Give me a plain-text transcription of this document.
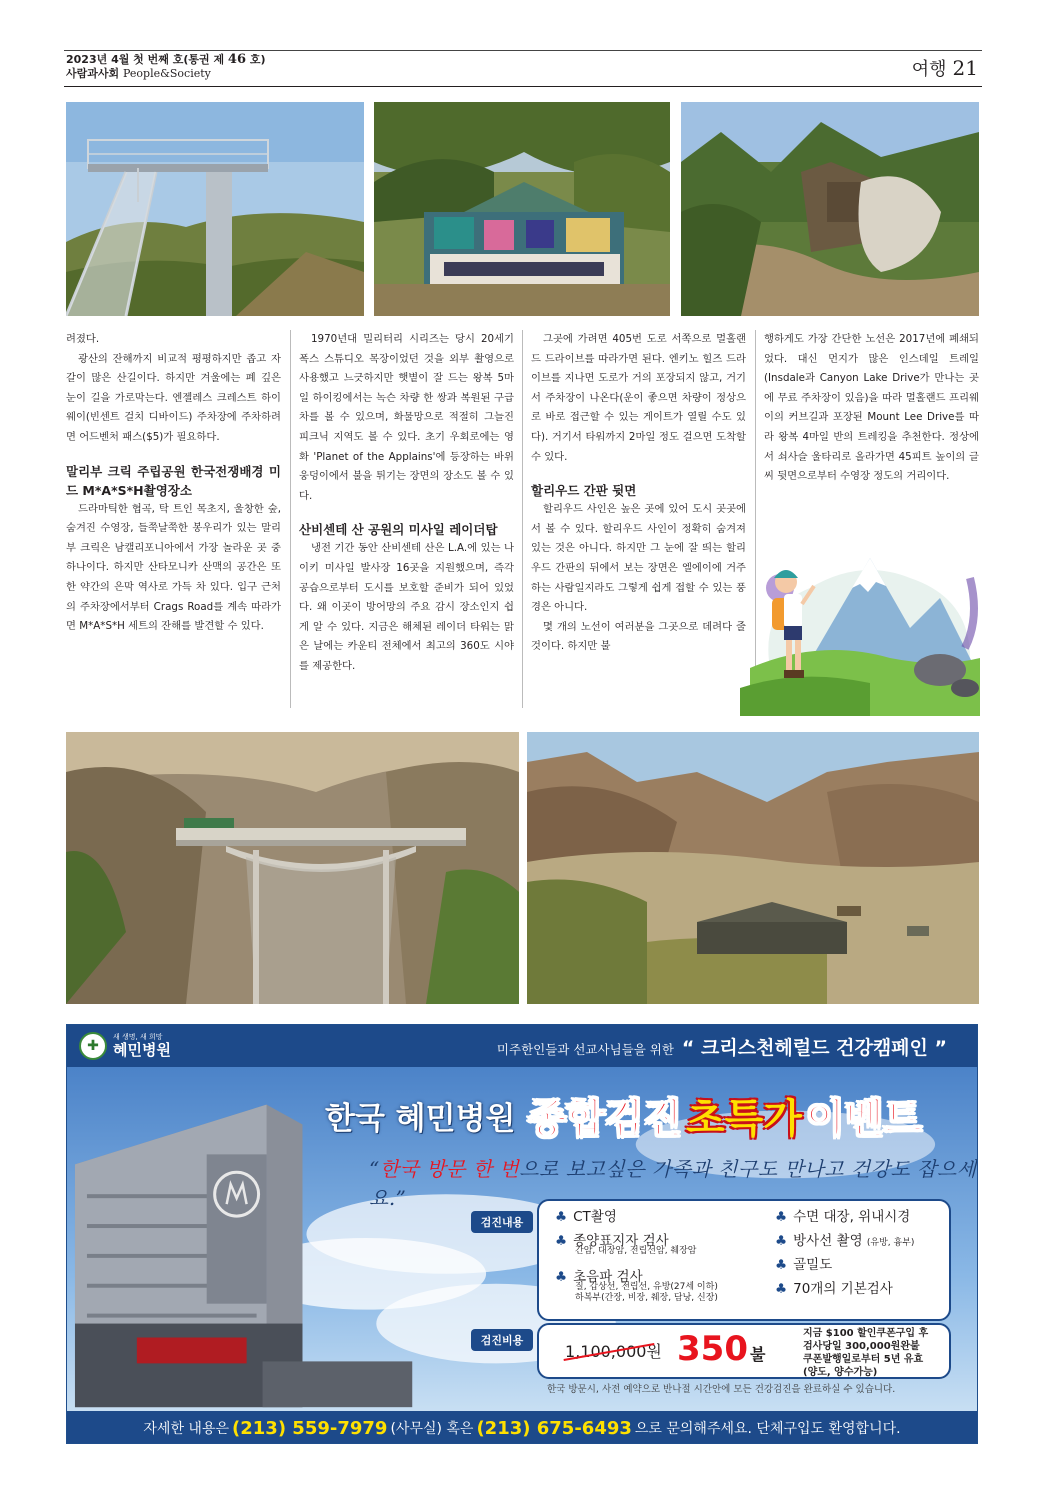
2023년 4월 첫 번째 호(통권 제 46 호)
사람과사회 People&Society	여행 21

려졌다.

광산의 잔해까지 비교적 평평하지만 좁고 자갈이 많은 산길이다. 하지만 겨울에는 폐 깊은 눈이 길을 가로막는다. 엔젤레스 크레스트 하이웨이(빈센트 걸치 디바이드) 주차장에 주차하려면 어드벤처 패스($5)가 필요하다.

말리부 크릭 주립공원 한국전쟁배경 미드 M*A*S*H촬영장소

드라마틱한 협곡, 탁 트인 목초지, 울창한 숲, 숨겨진 수영장, 들쭉날쭉한 봉우리가 있는 말리부 크릭은 남캘리포니아에서 가장 놀라운 곳 중 하나이다. 하지만 산타모니카 산맥의 공간은 또한 약간의 은막 역사로 가득 차 있다. 입구 근처의 주차장에서부터 Crags Road를 계속 따라가면 M*A*S*H 세트의 잔해를 발견할 수 있다.

1970년대 밀리터리 시리즈는 당시 20세기 폭스 스튜디오 목장이었던 것을 외부 촬영으로 사용했고 느긋하지만 햇볕이 잘 드는 왕복 5마일 하이킹에서는 녹슨 차량 한 쌍과 복원된 구급차를 볼 수 있으며, 화물망으로 적절히 그늘진 피크닉 지역도 볼 수 있다. 초기 우회로에는 영화 'Planet of the Applains'에 등장하는 바위 웅덩이에서 불을 튀기는 장면의 장소도 볼 수 있다.

산비센테 산 공원의 미사일 레이더탑

냉전 기간 동안 산비센테 산은 L.A.에 있는 나이키 미사일 발사장 16곳을 지원했으며, 즉각 공습으로부터 도시를 보호할 준비가 되어 있었다. 왜 이곳이 방어망의 주요 감시 장소인지 쉽게 알 수 있다. 지금은 해체된 레이더 타워는 맑은 날에는 카운티 전체에서 최고의 360도 시야를 제공한다.

그곳에 가려면 405번 도로 서쪽으로 멀홀랜드 드라이브를 따라가면 된다. 엔키노 힐즈 드라이브를 지나면 도로가 거의 포장되지 않고, 거기서 주차장이 나온다(운이 좋으면 차량이 정상으로 바로 접근할 수 있는 게이트가 열릴 수도 있다). 거기서 타워까지 2마일 정도 걸으면 도착할 수 있다.

할리우드 간판 뒷면

할리우드 사인은 높은 곳에 있어 도시 곳곳에서 볼 수 있다. 할리우드 사인이 정확히 숨겨져 있는 것은 아니다. 하지만 그 눈에 잘 띄는 할리우드 간판의 뒤에서 보는 장면은 엘에이에 거주하는 사람일지라도 그렇게 쉽게 접할 수 있는 풍경은 아니다.

몇 개의 노선이 여러분을 그곳으로 데려다 줄 것이다. 하지만 불

행하게도 가장 간단한 노선은 2017년에 폐쇄되었다. 대신 먼지가 많은 인스데일 트레일(Insdale과 Canyon Lake Drive가 만나는 곳에 무료 주차장이 있음)을 따라 멀홀랜드 프리웨이의 커브길과 포장된 Mount Lee Drive를 따라 왕복 4마일 반의 트레킹을 추천한다. 정상에서 쇠사슬 울타리로 올라가면 45피트 높이의 글씨 뒷면으로부터 수영장 정도의 거리이다.

✚
새 생명, 새 희망
혜민병원	미주한인들과 선교사님들을 위한 “ 크리스천헤럴드 건강캠페인 ”
한국 혜민병원 종합검진 초특가 이벤트
“한국 방문 한 번으로 보고싶은 가족과 친구도 만나고 건강도 잡으세요.”
검진내용	♣ CT촬영
♣ 종양표지자 검사
간암, 대장암, 전립선암, 췌장암
♣ 초음파 검사
질, 갑상선, 전립선, 유방(27세 이하)
하복부(간장, 비장, 췌장, 담낭, 신장)
♣ 수면 대장, 위내시경
♣ 방사선 촬영 (유방, 흉부)
♣ 골밀도
♣ 70개의 기본검사
검진비용
1,100,000원 350 불
지금 $100 할인쿠폰구입 후
검사당일 300,000원완불
쿠폰발행일로부터 5년 유효
(양도, 양수가능)
한국 방문시, 사전 예약으로 반나절 시간안에 모든 건강검진을 완료하실 수 있습니다.
자세한 내용은 (213) 559-7979 (사무실) 혹은 (213) 675-6493 으로 문의해주세요. 단체구입도 환영합니다.
